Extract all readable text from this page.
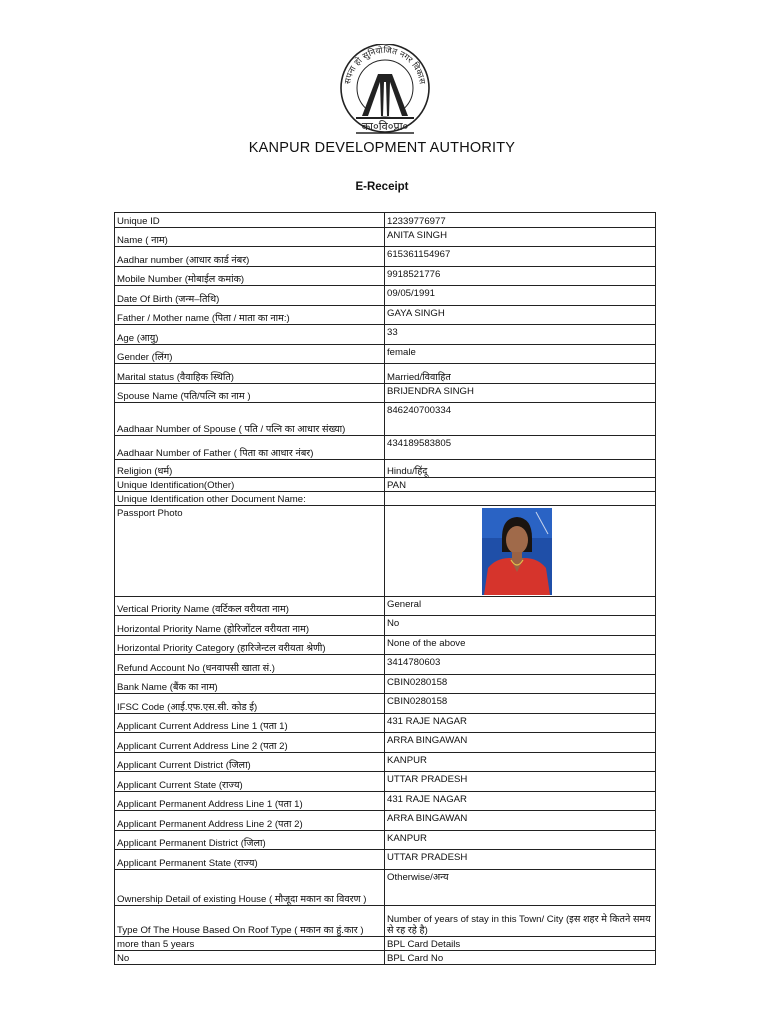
सपना हो सुनियोजित नगर विकास
का०वि०प्रा०
KANPUR DEVELOPMENT AUTHORITY
E-Receipt
Unique ID	12339776977
Name ( नाम)	ANITA SINGH
Aadhar number (आधार कार्ड नंबर)	615361154967
Mobile Number (मोबाईल कमांक)	9918521776
Date Of Birth (जन्म–तिथि)	09/05/1991
Father / Mother name (पिता / माता का नाम:)	GAYA SINGH
Age (आयु)	33
Gender (लिंग)	female
Marital status (वैवाहिक स्थिति)	Married/विवाहित
Spouse Name (पति/पत्नि का नाम )	BRIJENDRA SINGH
Aadhaar Number of Spouse ( पति / पत्नि का आधार संख्या)	846240700334
Aadhaar Number of Father ( पिता का आधार नंबर)	434189583805
Religion (धर्म)	Hindu/हिंदू
Unique Identification(Other)	PAN
Unique Identification other Document Name:	
Passport Photo	

Vertical Priority Name (वर्टिकल वरीयता नाम)	General
Horizontal Priority Name (होरिजोंटल वरीयता नाम)	No
Horizontal Priority Category (हारिजेन्टल वरीयता श्रेणी)	None of the above
Refund Account No (धनवापसी खाता सं.)	3414780603
Bank Name (बैंक का नाम)	CBIN0280158
IFSC Code (आई.एफ.एस.सी. कोड ई)	CBIN0280158
Applicant Current Address Line 1 (पता 1)	431 RAJE NAGAR
Applicant Current Address Line 2 (पता 2)	ARRA BINGAWAN
Applicant Current District (जिला)	KANPUR
Applicant Current State (राज्य)	UTTAR PRADESH
Applicant Permanent Address Line 1 (पता 1)	431 RAJE NAGAR
Applicant Permanent Address Line 2 (पता 2)	ARRA BINGAWAN
Applicant Permanent District (जिला)	KANPUR
Applicant Permanent State (राज्य)	UTTAR PRADESH
Ownership Detail of existing House ( मौजूदा मकान का विवरण )	Otherwise/अन्य
Type Of The House Based On Roof Type ( मकान का हुं.कार )	Number of years of stay in this Town/ City (इस शहर मे कितने समय से रह रहे है)
more than 5 years	BPL Card Details
No	BPL Card No
